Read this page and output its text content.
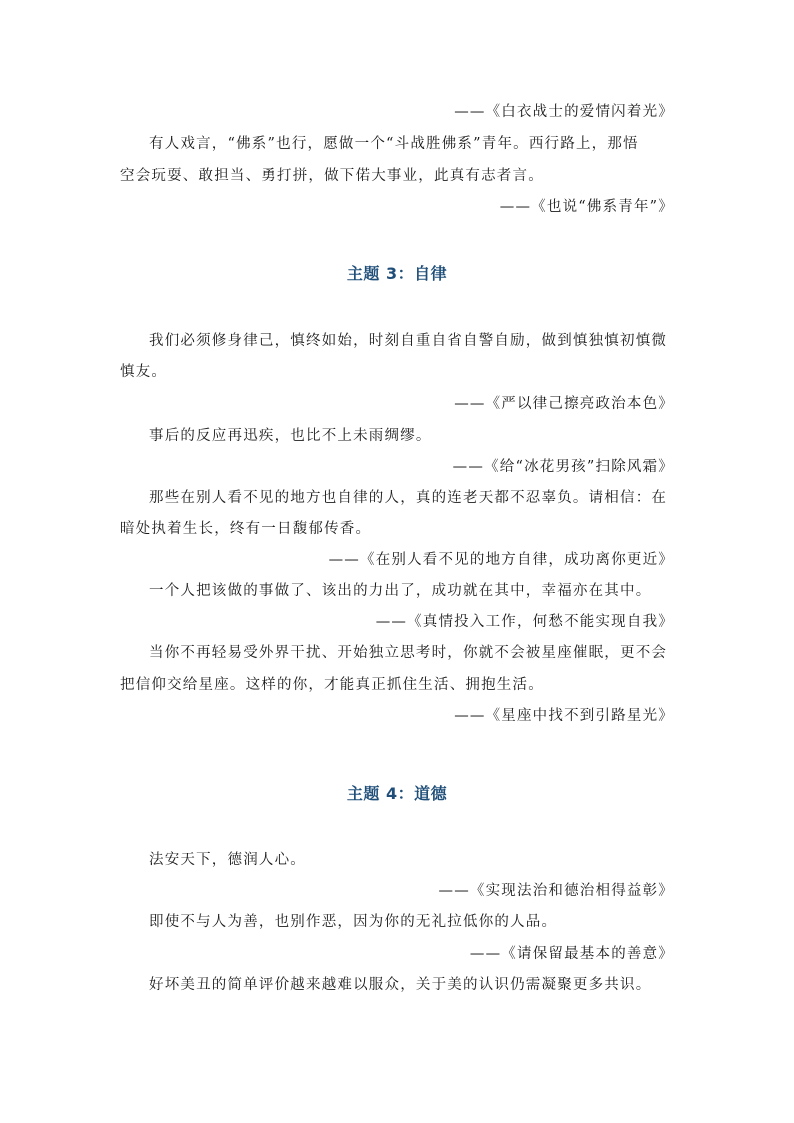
——《白衣战士的爱情闪着光》
有人戏言，“佛系”也行，愿做一个“斗战胜佛系”青年。西行路上，那悟
空会玩耍、敢担当、勇打拼，做下偌大事业，此真有志者言。
——《也说“佛系青年”》
主题 3：自律
我们必须修身律己，慎终如始，时刻自重自省自警自励，做到慎独慎初慎微
慎友。
——《严以律己擦亮政治本色》
事后的反应再迅疾，也比不上未雨绸缪。
——《给“冰花男孩”扫除风霜》
那些在别人看不见的地方也自律的人，真的连老天都不忍辜负。请相信：在
暗处执着生长，终有一日馥郁传香。
——《在别人看不见的地方自律，成功离你更近》
一个人把该做的事做了、该出的力出了，成功就在其中，幸福亦在其中。
——《真情投入工作，何愁不能实现自我》
当你不再轻易受外界干扰、开始独立思考时，你就不会被星座催眠，更不会
把信仰交给星座。这样的你，才能真正抓住生活、拥抱生活。
——《星座中找不到引路星光》
主题 4：道德
法安天下，德润人心。
——《实现法治和德治相得益彰》
即使不与人为善，也别作恶，因为你的无礼拉低你的人品。
——《请保留最基本的善意》
好坏美丑的简单评价越来越难以服众，关于美的认识仍需凝聚更多共识。
